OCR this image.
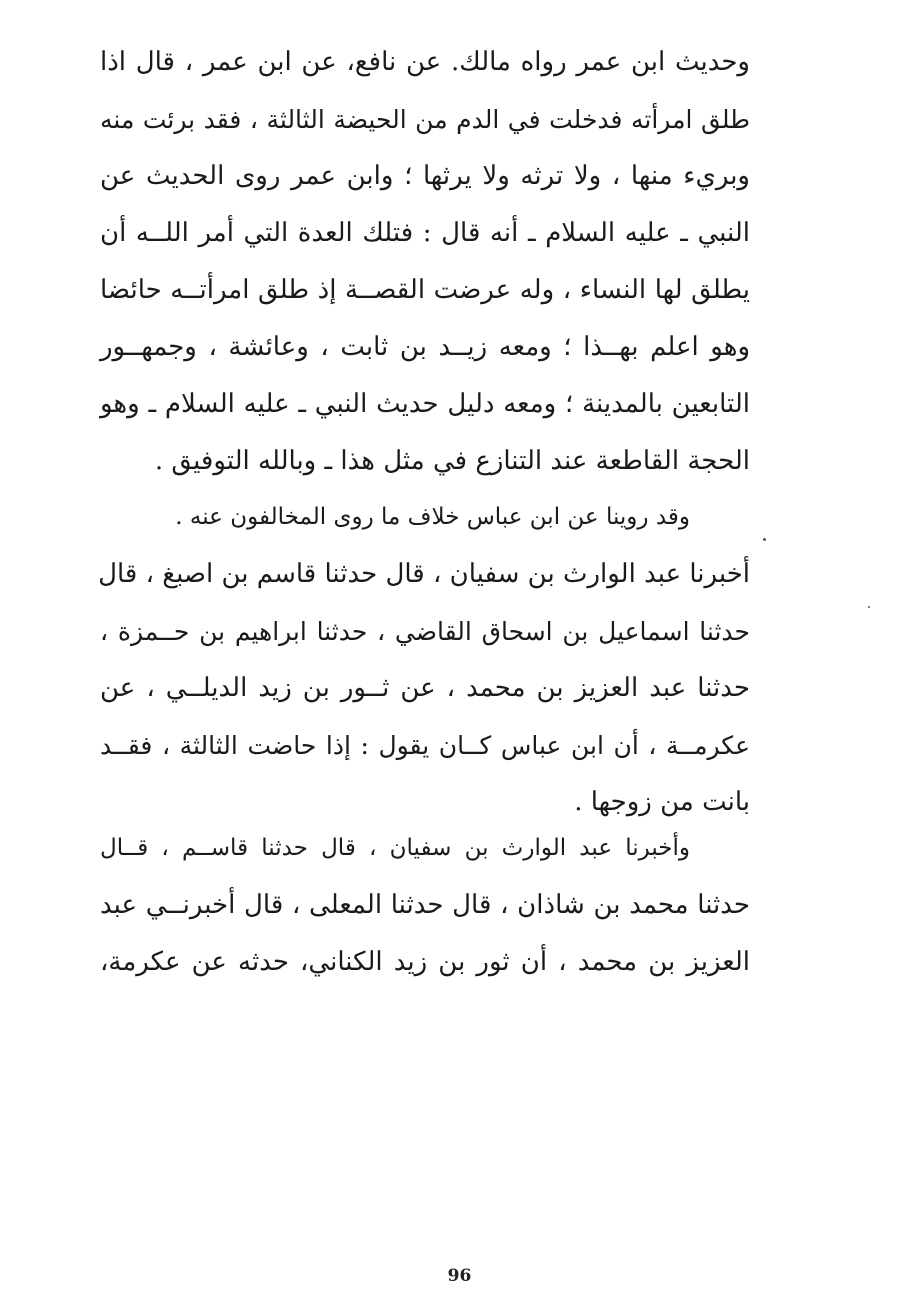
وحديث ابن عمر رواه مالك. عن نافع، عن ابن عمر ، قال اذا
طلق امرأته فدخلت في الدم من الحيضة الثالثة ، فقد برئت منه
وبريء منها ، ولا ترثه ولا يرثها ؛ وابن عمر روى الحديث عن
النبي ـ عليه السلام ـ أنه قال : فتلك العدة التي أمر اللــه أن
يطلق لها النساء ، وله عرضت القصــة إذ طلق امرأتــه حائضا
وهو اعلم بهــذا ؛ ومعه زيــد بن ثابت ، وعائشة ، وجمهــور
التابعين بالمدينة ؛ ومعه دليل حديث النبي ـ عليه السلام ـ وهو
الحجة القاطعة عند التنازع في مثل هذا ـ وبالله التوفيق .
وقد روينا عن ابن عباس خلاف ما روى المخالفون عنه .
أخبرنا عبد الوارث بن سفيان ، قال حدثنا قاسم بن اصبغ ، قال
حدثنا اسماعيل بن اسحاق القاضي ، حدثنا ابراهيم بن حــمزة ،
حدثنا عبد العزيز بن محمد ، عن ثــور بن زيد الديلــي ، عن
عكرمــة ، أن ابن عباس كــان يقول : إذا حاضت الثالثة ، فقــد
بانت من زوجها .
وأخبرنا عبد الوارث بن سفيان ، قال حدثنا قاســم ، قــال
حدثنا محمد بن شاذان ، قال حدثنا المعلى ، قال أخبرنــي عبد
العزيز بن محمد ، أن ثور بن زيد الكناني، حدثه عن عكرمة،
96
